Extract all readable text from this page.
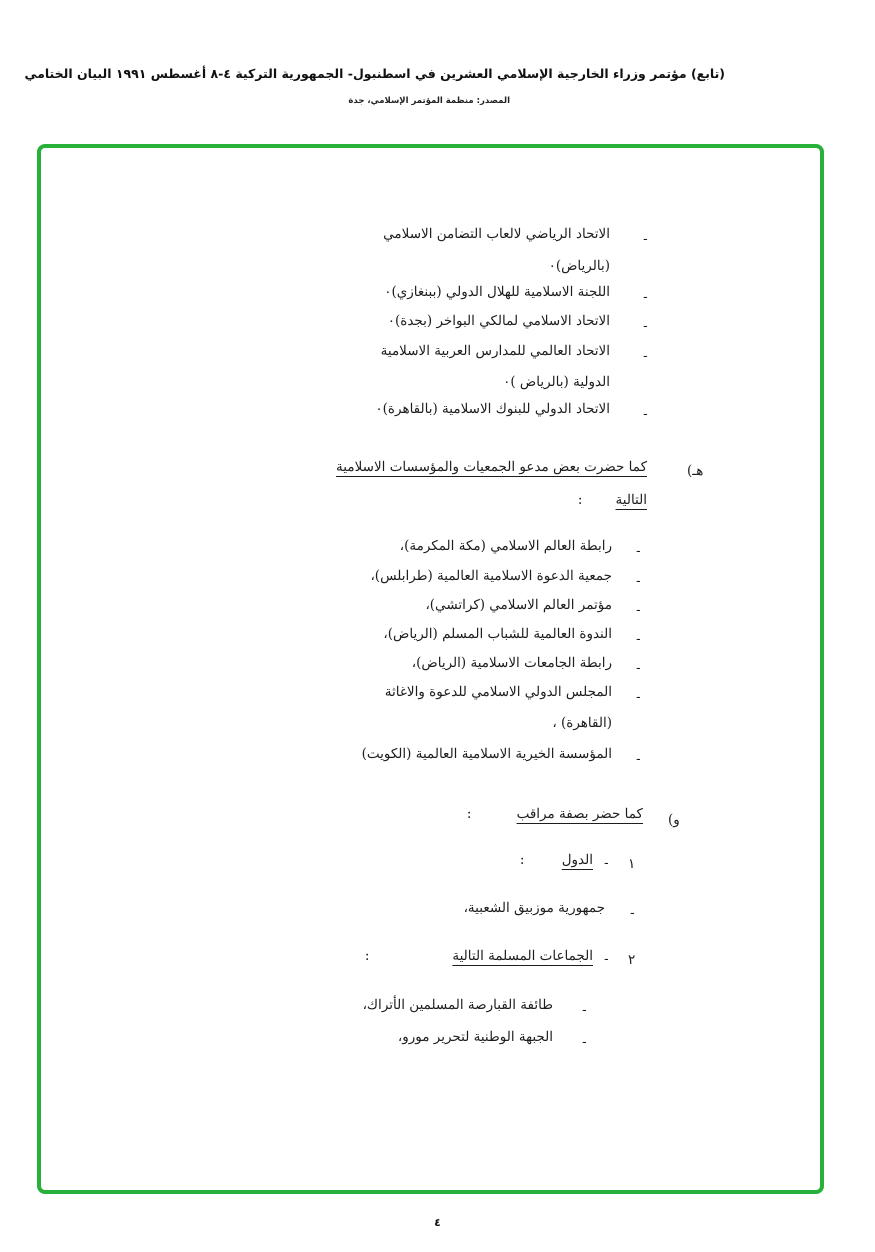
(تابع) مؤتمر وزراء الخارجية الإسلامي العشرين في اسطنبول- الجمهورية التركية ٤-٨ أغسطس ١٩٩١ البيان الختامي
المصدر: منظمة المؤتمر الإسلامي، جدة
-
الاتحاد الرياضي لالعاب التضامن الاسلامي
(بالرياض)٠
-
اللجنة الاسلامية للهلال الدولي (ببنغازي)٠
-
الاتحاد الاسلامي لمالكي البواخر (بجدة)٠
-
الاتحاد العالمي للمدارس العربية الاسلامية
الدولية (بالرياض )٠
-
الاتحاد الدولي للبنوك الاسلامية (بالقاهرة)٠
هـ)
كما حضرت بعض مدعو الجمعيات والمؤسسات الاسلامية
التالية
:
-
رابطة العالم الاسلامي (مكة المكرمة)،
-
جمعية الدعوة الاسلامية العالمية (طرابلس)،
-
مؤتمر العالم الاسلامي (كراتشي)،
-
الندوة العالمية للشباب المسلم (الرياض)،
-
رابطة الجامعات الاسلامية (الرياض)،
-
المجلس الدولي الاسلامي للدعوة والاغاثة
(القاهرة) ،
-
المؤسسة الخيرية الاسلامية العالمية (الكويت)
و)
كما حضر بصفة مراقب
:
١
-
الدول
:
-
جمهورية موزبيق الشعبية،
٢
-
الجماعات المسلمة التالية
:
-
طائفة القبارصة المسلمين الأتراك،
-
الجبهة الوطنية لتحرير مورو،
٤
